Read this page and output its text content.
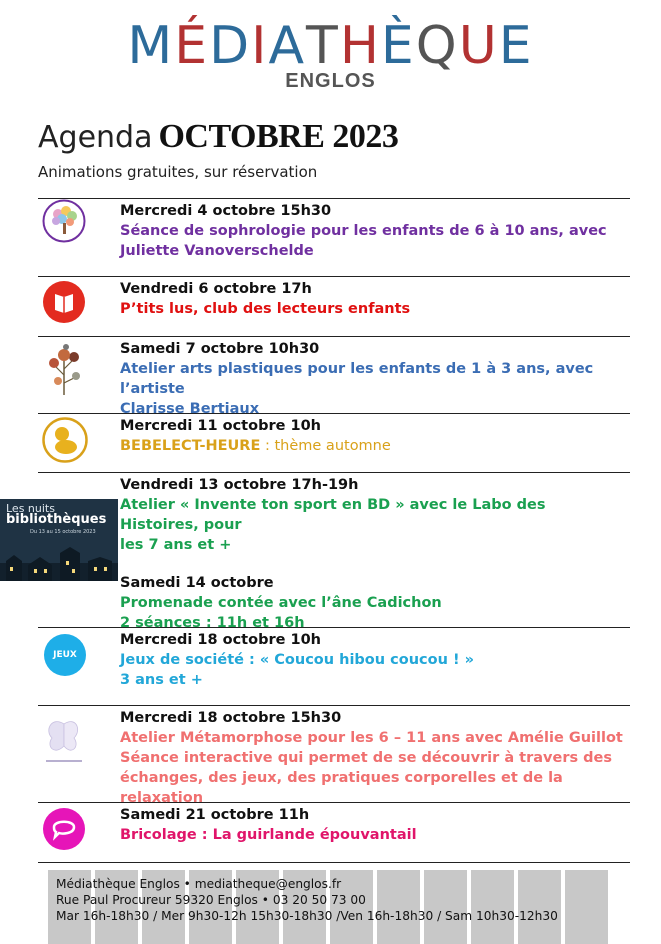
MÉDIATHÈQUE
ENGLOS
Agenda OCTOBRE 2023
Animations gratuites, sur réservation
Mercredi 4 octobre 15h30
Séance de sophrologie pour les enfants de 6 à 10 ans, avec
Juliette Vanoverschelde
Vendredi 6 octobre 17h
P’tits lus, club des lecteurs enfants
Samedi 7 octobre 10h30
Atelier arts plastiques pour les enfants de 1 à 3 ans, avec l’artiste
Clarisse Bertiaux
Mercredi 11 octobre 10h
BEBELECT-HEURE : thème automne
Vendredi 13 octobre 17h-19h
Atelier « Invente ton sport en BD » avec le Labo des Histoires, pour
les 7 ans et +
Samedi 14 octobre
Promenade contée avec l’âne Cadichon
2 séances : 11h et 16h
Les nuits
bibliothèques
Du 13 au 15 octobre 2023
JEUX
Mercredi 18 octobre 10h
Jeux de société : « Coucou hibou coucou ! »
3 ans et +
Mercredi 18 octobre 15h30
Atelier Métamorphose pour les 6 – 11 ans avec Amélie Guillot
Séance interactive qui permet de se découvrir à travers des
échanges, des jeux, des pratiques corporelles et de la relaxation
Samedi 21 octobre 11h
Bricolage : La guirlande épouvantail
Médiathèque Englos • mediatheque@englos.fr
Rue Paul Procureur 59320 Englos • 03 20 50 73 00
Mar 16h-18h30 / Mer 9h30-12h 15h30-18h30 /Ven 16h-18h30 / Sam 10h30-12h30
